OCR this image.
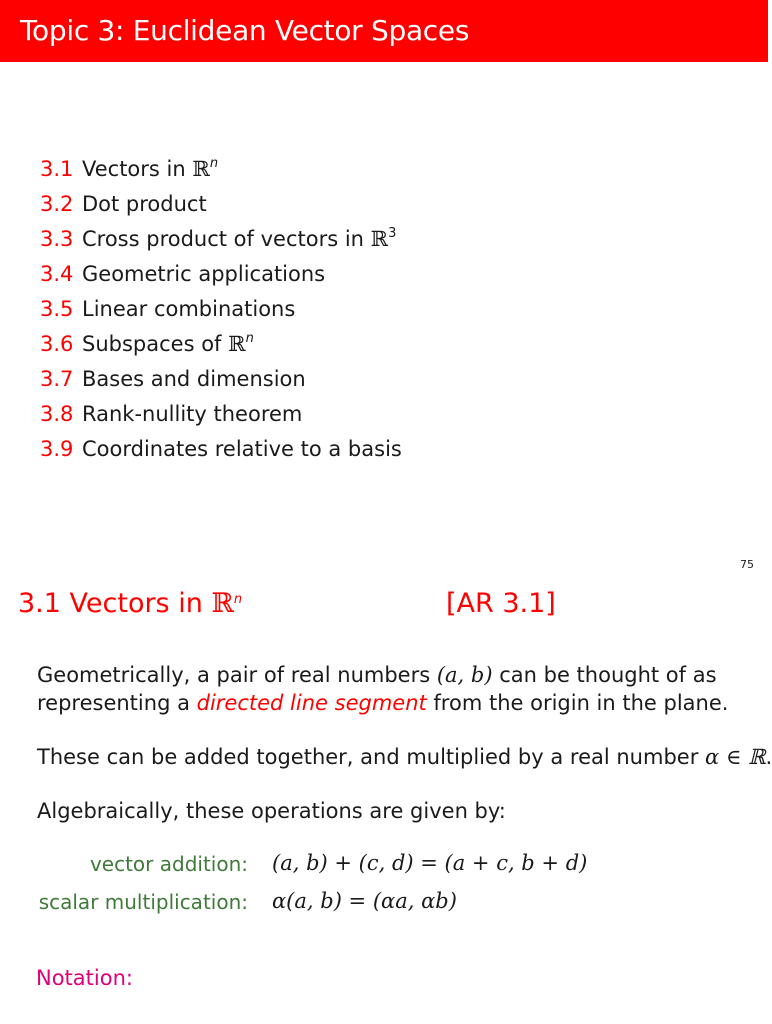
Topic 3: Euclidean Vector Spaces
3.1 Vectors in ℝ$^n$
3.2 Dot product
3.3 Cross product of vectors in ℝ$^3$
3.4 Geometric applications
3.5 Linear combinations
3.6 Subspaces of ℝ$^n$
3.7 Bases and dimension
3.8 Rank-nullity theorem
3.9 Coordinates relative to a basis
75
3.1 Vectors in ℝ$^n$	[AR 3.1]
Geometrically, a pair of real numbers (a, b) can be thought of as
representing a directed line segment from the origin in the plane.
These can be added together, and multiplied by a real number α ∈ ℝ.
Algebraically, these operations are given by:
vector addition: (a, b) + (c, d) = (a + c, b + d)
scalar multiplication: α(a, b) = (αa, αb)
Notation:
